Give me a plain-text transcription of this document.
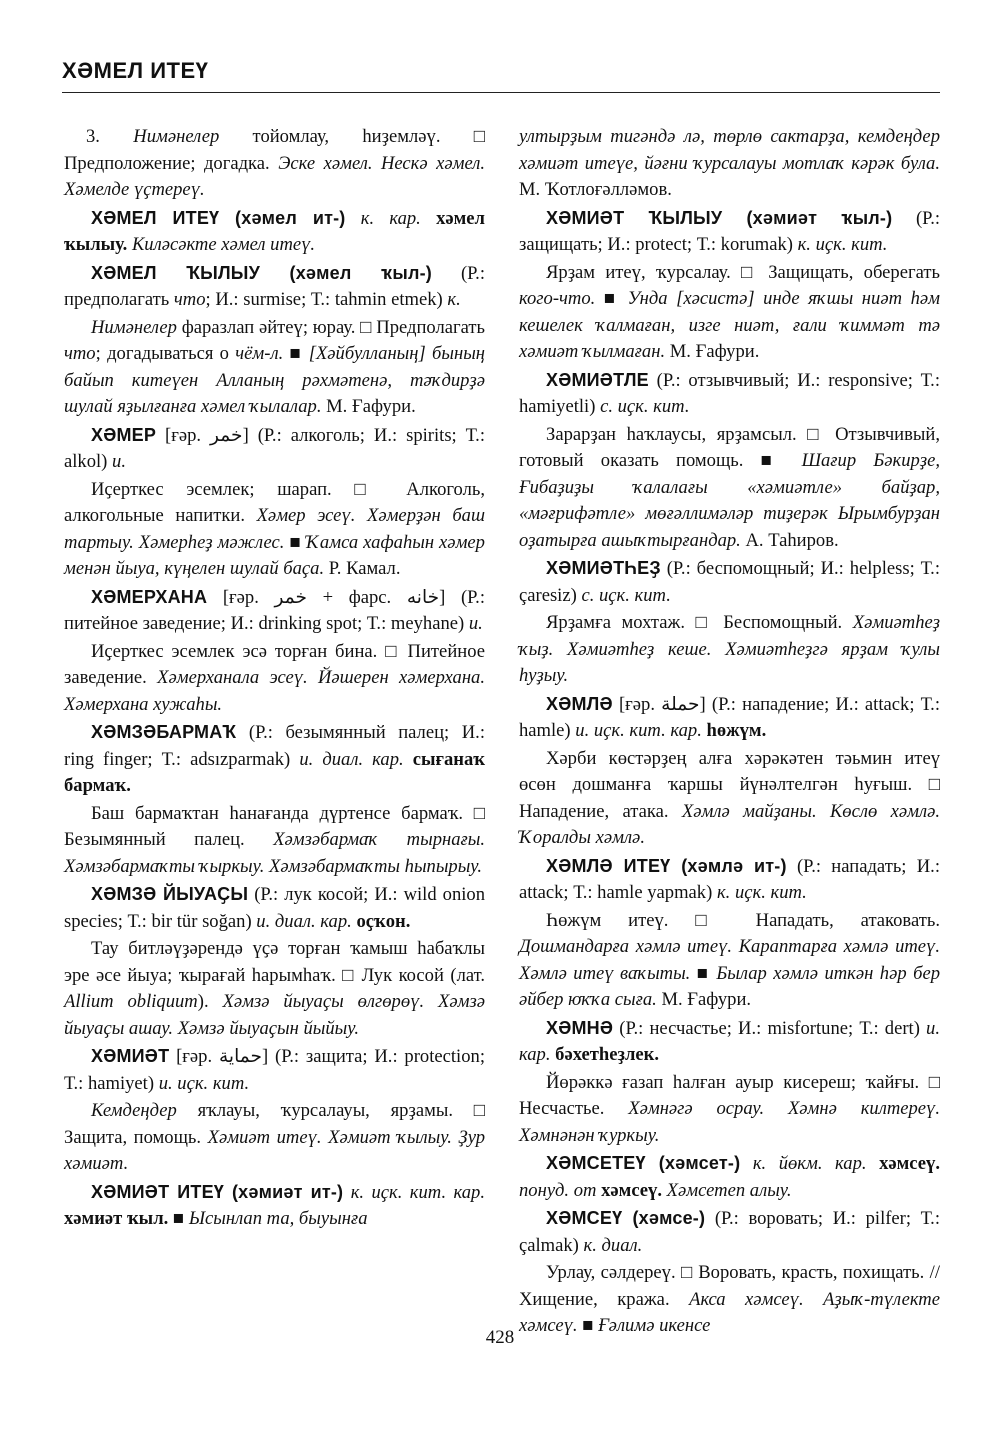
ХӘМЕЛ ИТЕҮ

3. Нимәнелер тойомлау, һиҙемләү. □ Предположение; догадка. Эске хәмел. Нескә хәмел. Хәмелде үҫтереү.

ХӘМЕЛ ИТЕҮ (хәмел ит-) к. кар. хәмел ҡылыу. Киләсәкте хәмел итеү.

ХӘМЕЛ ҠЫЛЫУ (хәмел ҡыл-) (Р.: предполагать что; И.: surmise; Т.: tahmin etmek) к.

Нимәнелер фаразлап әйтеү; юрау. □ Предполагать что; догадываться о чём-л. ■ [Хәйбулланың] бының байып китеүен Алланың рәхмәтенә, тәҡдирҙә шулай яҙылғанға хәмел ҡылалар. М. Ғафури.

ХӘМЕР [ғәр. خمر] (Р.: алкоголь; И.: spirits; Т.: alkol) и.

Иҫерткес эсемлек; шарап. □ Алкоголь, алкогольные напитки. Хәмер эсеү. Хәмерҙән баш тартыу. Хәмерһеҙ мәжлес. ■ Ҡамса хафаһын хәмер менән йыуа, күңелен шулай баҫа. Р. Камал.

ХӘМЕРХАНА [ғәр. خمر + фарс. خانه] (Р.: питейное заведение; И.: drinking spot; Т.: meyhane) и.

Иҫерткес эсемлек эсә торған бина. □ Питейное заведение. Хәмерханала эсеү. Йәшерен хәмерхана. Хәмерхана хужаһы.

ХӘМЗӘБАРМАҠ (Р.: безымянный палец; И.: ring finger; Т.: adsızparmak) и. диал. кар. сығанаҡ бармаҡ.

Баш бармаҡтан һанағанда дүртенсе бармаҡ. □ Безымянный палец. Хәмзәбармаҡ тырнағы. Хәмзәбармаҡты ҡыркыу. Хәмзәбармаҡты һыпырыу.

ХӘМЗӘ ЙЫУАҪЫ (Р.: лук косой; И.: wild onion species; Т.: bir tür soğan) и. диал. кар. оҫҡон.

Тау битләүҙәрендә үҫә торған ҡамыш һабаҡлы эре әсе йыуа; ҡырағай һарымһаҡ. □ Лук косой (лат. Allium obliquum). Хәмзә йыуаҫы өлгөрөү. Хәмзә йыуаҫы ашау. Хәмзә йыуаҫын йыйыу.

ХӘМИӘТ [ғәр. حماية] (Р.: защита; И.: protection; Т.: hamiyet) и. иҫк. кит.

Кемдеңдер яҡлауы, ҡурсалауы, ярҙамы. □ Защита, помощь. Хәмиәт итеү. Хәмиәт ҡылыу. Ҙур хәмиәт.

ХӘМИӘТ ИТЕҮ (хәмиәт ит-) к. иҫк. кит. кар. хәмиәт ҡыл. ■ Ысынлап та, быуынға

ултырҙым тигәндә лә, төрлө сактарҙа, кемдеңдер хәмиәт итеүе, йәғни ҡурсалауы мотлаҡ кәрәк була. М. Ҡотлоғәлләмов.

ХӘМИӘТ ҠЫЛЫУ (хәмиәт ҡыл-) (Р.: защищать; И.: protect; Т.: korumak) к. иҫк. кит.

Ярҙам итеү, ҡурсалау. □ Защищать, оберегать кого-что. ■ Унда [хәсистә] инде яҡшы ниәт һәм кешелек ҡалмаған, изге ниәт, ғали ҡиммәт тә хәмиәт ҡылмаған. М. Ғафури.

ХӘМИӘТЛЕ (Р.: отзывчивый; И.: responsive; Т.: hamiyetli) с. иҫк. кит.

Зарарҙан һаҡлаусы, ярҙамсыл. □ Отзывчивый, готовый оказать помощь. ■ Шағир Бәкирҙе, Ғибаҙиҙы ҡалалағы «хәмиәтле» байҙар, «мәғрифәтле» мөғәллимәләр тиҙерәк Ырымбурҙан оҙатырға ашыҡтырғандар. А. Таһиров.

ХӘМИӘТҺЕҘ (Р.: беспомощный; И.: helpless; Т.: çaresiz) с. иҫк. кит.

Ярҙамға мохтаж. □ Беспомощный. Хәмиәтһеҙ ҡыҙ. Хәмиәтһеҙ кеше. Хәмиәтһеҙгә ярҙам ҡулы һуҙыу.

ХӘМЛӘ [ғәр. حملة] (Р.: нападение; И.: attack; Т.: hamle) и. иҫк. кит. кар. һөжүм.

Хәрби көстәрҙең алға хәрәкәтен тәьмин итеү өсөн дошманға ҡаршы йүнәлтелгән һуғыш. □ Нападение, атака. Хәмлә майҙаны. Көслө хәмлә. Ҡоралды хәмлә.

ХӘМЛӘ ИТЕҮ (хәмлә ит-) (Р.: нападать; И.: attack; Т.: hamle yapmak) к. иҫк. кит.

Һөжүм итеү. □ Нападать, атаковать. Дошмандарға хәмлә итеү. Караптарға хәмлә итеү. Хәмлә итеү ваҡыты. ■ Былар хәмлә иткән һәр бер әйбер юҡҡа сыға. М. Ғафури.

ХӘМНӘ (Р.: несчастье; И.: misfortune; Т.: dert) и. кар. бәхетһеҙлек.

Йөрәккә ғазап һалған ауыр кисереш; ҡайғы. □ Несчастье. Хәмнәгә осрау. Хәмнә килтереү. Хәмнәнән ҡуркыу.

ХӘМСЕТЕҮ (хәмсет-) к. йөкм. кар. хәмсеү. понуд. от хәмсеү. Хәмсетеп алыу.

ХӘМСЕҮ (хәмсе-) (Р.: воровать; И.: pilfer; Т.: çalmak) к. диал.

Урлау, сәлдереү. □ Воровать, красть, похищать. // Хищение, кража. Акса хәмсеү. Аҙыҡ-түлекте хәмсеү. ■ Ғәлимә икенсе

428
